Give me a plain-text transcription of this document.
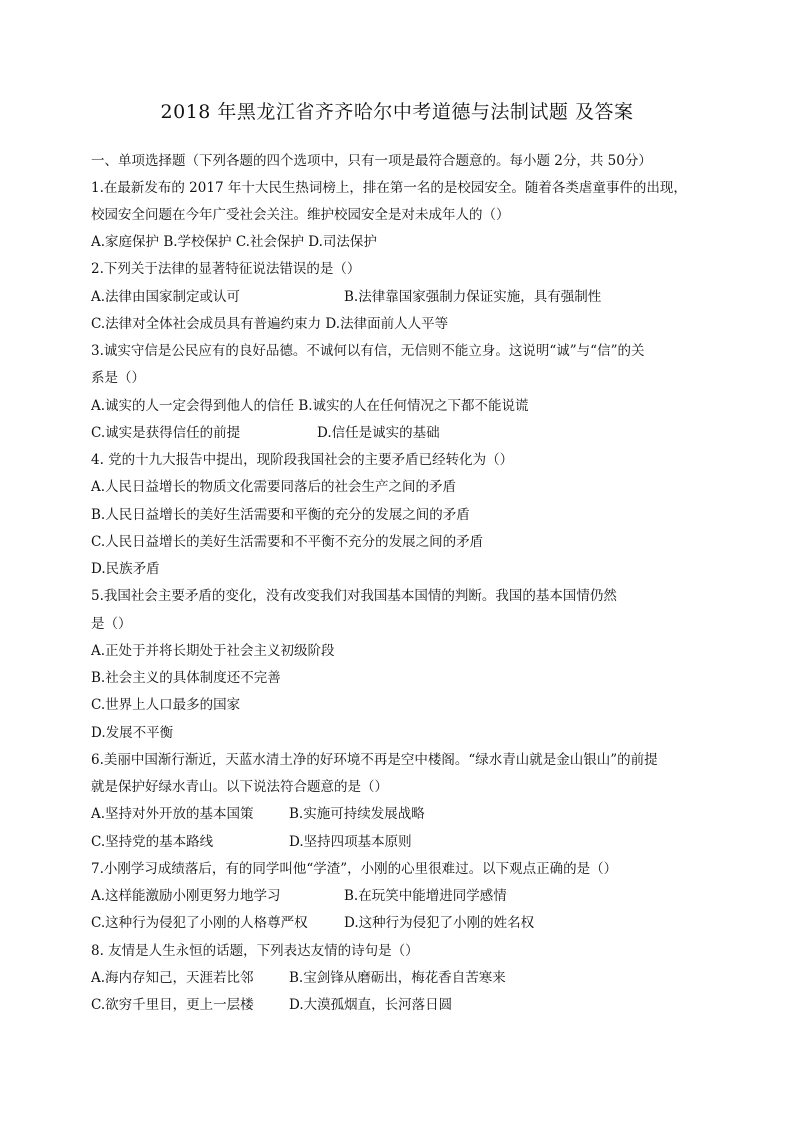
2018 年黑龙江省齐齐哈尔中考道德与法制试题 及答案
一、单项选择题（下列各题的四个选项中，只有一项是最符合题意的。每小题 2分，共 50分）
1.在最新发布的 2017 年十大民生热词榜上，排在第一名的是校园安全。随着各类虐童事件的出现，
校园安全问题在今年广受社会关注。维护校园安全是对未成年人的（）
A.家庭保护 B.学校保护 C.社会保护 D.司法保护
2.下列关于法律的显著特征说法错误的是（）
A.法律由国家制定或认可	B.法律靠国家强制力保证实施，具有强制性
C.法律对全体社会成员具有普遍约束力 D.法律面前人人平等
3.诚实守信是公民应有的良好品德。不诚何以有信，无信则不能立身。这说明“诚”与“信”的关
系是（）
A.诚实的人一定会得到他人的信任 B.诚实的人在任何情况之下都不能说谎
C.诚实是获得信任的前提	D.信任是诚实的基础
4. 党的十九大报告中提出，现阶段我国社会的主要矛盾已经转化为（）
A.人民日益增长的物质文化需要同落后的社会生产之间的矛盾
B.人民日益增长的美好生活需要和平衡的充分的发展之间的矛盾
C.人民日益增长的美好生活需要和不平衡不充分的发展之间的矛盾
D.民族矛盾
5.我国社会主要矛盾的变化，没有改变我们对我国基本国情的判断。我国的基本国情仍然
是（）
A.正处于并将长期处于社会主义初级阶段
B.社会主义的具体制度还不完善
C.世界上人口最多的国家
D.发展不平衡
6.美丽中国渐行渐近，天蓝水清土净的好环境不再是空中楼阁。“绿水青山就是金山银山”的前提
就是保护好绿水青山。以下说法符合题意的是（）
A.坚持对外开放的基本国策	B.实施可持续发展战略
C.坚持党的基本路线	D.坚持四项基本原则
7.小刚学习成绩落后，有的同学叫他“学渣”，小刚的心里很难过。以下观点正确的是（）
A.这样能激励小刚更努力地学习	B.在玩笑中能增进同学感情
C.这种行为侵犯了小刚的人格尊严权	D.这种行为侵犯了小刚的姓名权
8. 友情是人生永恒的话题，下列表达友情的诗句是（）
A.海内存知己，天涯若比邻	B.宝剑锋从磨砺出，梅花香自苦寒来
C.欲穷千里目，更上一层楼	D.大漠孤烟直，长河落日圆
